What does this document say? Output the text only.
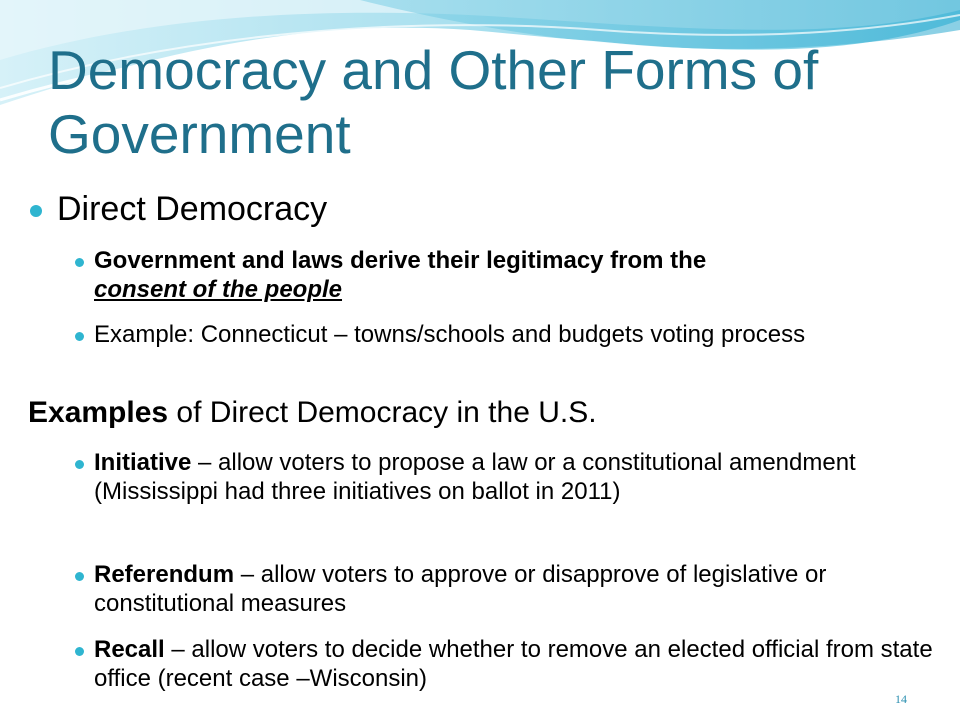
Democracy and Other Forms of Government
Direct Democracy
Government and laws derive their legitimacy from the
consent of the people
Example: Connecticut – towns/schools and budgets voting process
Examples of Direct Democracy in the U.S.
Initiative – allow voters to propose a law or a constitutional amendment (Mississippi had three initiatives on ballot in 2011)
Referendum – allow voters to approve or disapprove of legislative or constitutional measures
Recall – allow voters to decide whether to remove an elected official from state office (recent case –Wisconsin)
14
